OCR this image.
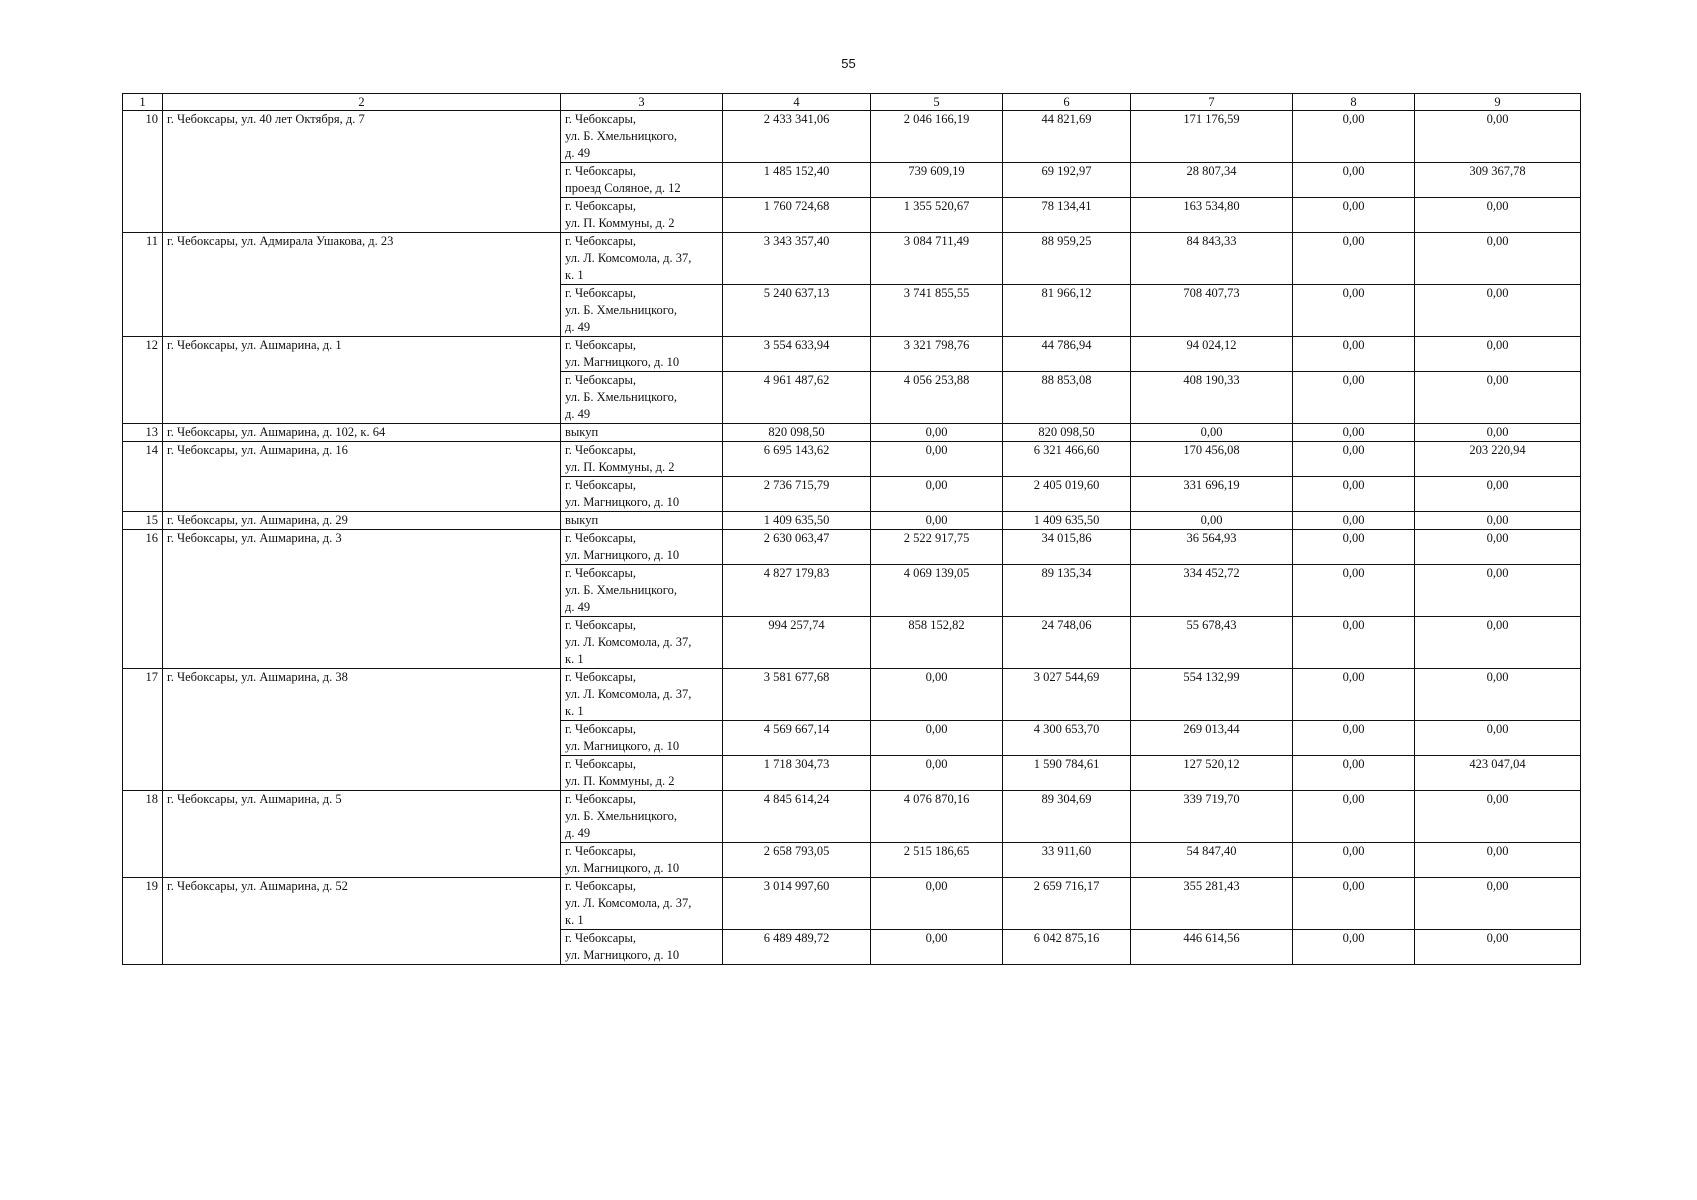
55
1	2	3	4	5	6	7	8	9
10	г. Чебоксары, ул. 40 лет Октября, д. 7	г. Чебоксары,
ул. Б. Хмельницкого,
д. 49	2 433 341,06	2 046 166,19	44 821,69	171 176,59	0,00	0,00
		г. Чебоксары,
проезд Соляное, д. 12	1 485 152,40	739 609,19	69 192,97	28 807,34	0,00	309 367,78
		г. Чебоксары,
ул. П. Коммуны, д. 2	1 760 724,68	1 355 520,67	78 134,41	163 534,80	0,00	0,00
11	г. Чебоксары, ул. Адмирала Ушакова, д. 23	г. Чебоксары,
ул. Л. Комсомола, д. 37,
к. 1	3 343 357,40	3 084 711,49	88 959,25	84 843,33	0,00	0,00
		г. Чебоксары,
ул. Б. Хмельницкого,
д. 49	5 240 637,13	3 741 855,55	81 966,12	708 407,73	0,00	0,00
12	г. Чебоксары, ул. Ашмарина, д. 1	г. Чебоксары,
ул. Магницкого, д. 10	3 554 633,94	3 321 798,76	44 786,94	94 024,12	0,00	0,00
		г. Чебоксары,
ул. Б. Хмельницкого,
д. 49	4 961 487,62	4 056 253,88	88 853,08	408 190,33	0,00	0,00
13	г. Чебоксары, ул. Ашмарина, д. 102, к. 64	выкуп	820 098,50	0,00	820 098,50	0,00	0,00	0,00
14	г. Чебоксары, ул. Ашмарина, д. 16	г. Чебоксары,
ул. П. Коммуны, д. 2	6 695 143,62	0,00	6 321 466,60	170 456,08	0,00	203 220,94
		г. Чебоксары,
ул. Магницкого, д. 10	2 736 715,79	0,00	2 405 019,60	331 696,19	0,00	0,00
15	г. Чебоксары, ул. Ашмарина, д. 29	выкуп	1 409 635,50	0,00	1 409 635,50	0,00	0,00	0,00
16	г. Чебоксары, ул. Ашмарина, д. 3	г. Чебоксары,
ул. Магницкого, д. 10	2 630 063,47	2 522 917,75	34 015,86	36 564,93	0,00	0,00
		г. Чебоксары,
ул. Б. Хмельницкого,
д. 49	4 827 179,83	4 069 139,05	89 135,34	334 452,72	0,00	0,00
		г. Чебоксары,
ул. Л. Комсомола, д. 37,
к. 1	994 257,74	858 152,82	24 748,06	55 678,43	0,00	0,00
17	г. Чебоксары, ул. Ашмарина, д. 38	г. Чебоксары,
ул. Л. Комсомола, д. 37,
к. 1	3 581 677,68	0,00	3 027 544,69	554 132,99	0,00	0,00
		г. Чебоксары,
ул. Магницкого, д. 10	4 569 667,14	0,00	4 300 653,70	269 013,44	0,00	0,00
		г. Чебоксары,
ул. П. Коммуны, д. 2	1 718 304,73	0,00	1 590 784,61	127 520,12	0,00	423 047,04
18	г. Чебоксары, ул. Ашмарина, д. 5	г. Чебоксары,
ул. Б. Хмельницкого,
д. 49	4 845 614,24	4 076 870,16	89 304,69	339 719,70	0,00	0,00
		г. Чебоксары,
ул. Магницкого, д. 10	2 658 793,05	2 515 186,65	33 911,60	54 847,40	0,00	0,00
19	г. Чебоксары, ул. Ашмарина, д. 52	г. Чебоксары,
ул. Л. Комсомола, д. 37,
к. 1	3 014 997,60	0,00	2 659 716,17	355 281,43	0,00	0,00
		г. Чебоксары,
ул. Магницкого, д. 10	6 489 489,72	0,00	6 042 875,16	446 614,56	0,00	0,00
